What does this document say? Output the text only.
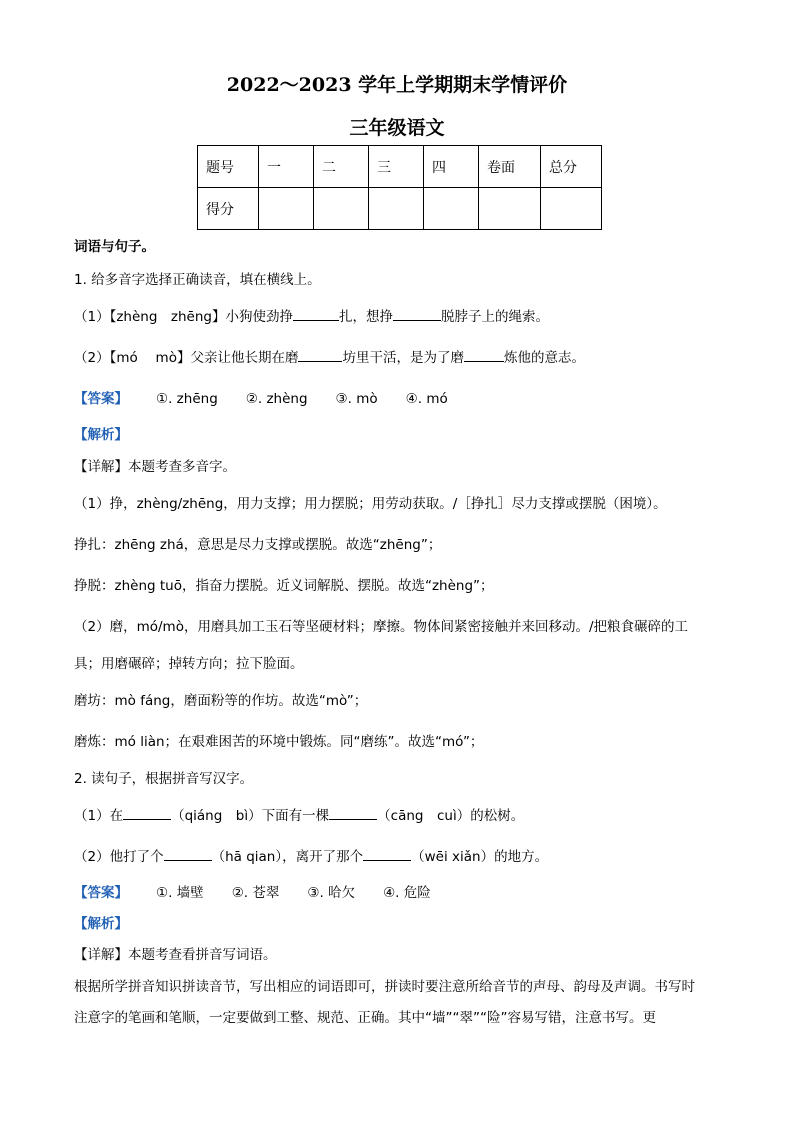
2022～2023 学年上学期期末学情评价
三年级语文
题号	一	二	三	四	卷面	总分
得分						
词语与句子。
1. 给多音字选择正确读音，填在横线上。
（1）【zhèng　zhēng】小狗使劲挣	扎，想挣	脱脖子上的绳索。
（2）【mó　 mò】父亲让他长期在磨	坊里干活，是为了磨	炼他的意志。
【答案】 ①. zhēng ②. zhèng ③. mò ④. mó
【解析】
【详解】本题考查多音字。
（1）挣，zhèng/zhēng，用力支撑；用力摆脱；用劳动获取。/［挣扎］尽力支撑或摆脱（困境）。
挣扎：zhēng zhá，意思是尽力支撑或摆脱。故选“zhēng”；
挣脱：zhèng tuō，指奋力摆脱。近义词解脱、摆脱。故选“zhèng”；
（2）磨，mó/mò，用磨具加工玉石等坚硬材料；摩擦。物体间紧密接触并来回移动。/把粮食碾碎的工
具；用磨碾碎；掉转方向；拉下脸面。
磨坊：mò fáng，磨面粉等的作坊。故选“mò”；
磨炼：mó liàn；在艰难困苦的环境中锻炼。同“磨练”。故选“mó”；
2. 读句子，根据拼音写汉字。
（1）在	（qiáng　bì）下面有一棵	（cāng　cuì）的松树。
（2）他打了个	（hā qian），离开了那个	（wēi xiǎn）的地方。
【答案】 ①. 墙壁 ②. 苍翠 ③. 哈欠 ④. 危险
【解析】
【详解】本题考查看拼音写词语。
根据所学拼音知识拼读音节，写出相应的词语即可，拼读时要注意所给音节的声母、韵母及声调。书写时
注意字的笔画和笔顺，一定要做到工整、规范、正确。其中“墙”“翠”“险”容易写错，注意书写。更
